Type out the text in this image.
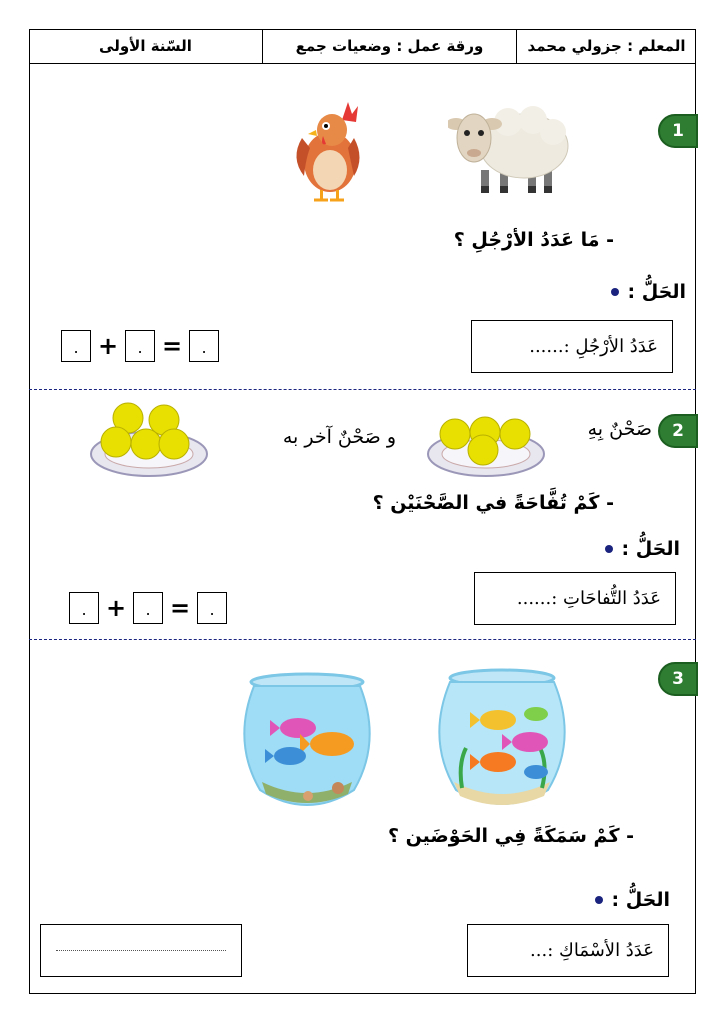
المعلم : جزولي محمد
ورقة عمل : وضعيات جمع
السّنة الأولى
1
- مَا عَدَدُ الأرْجُلِ ؟
الحَلُّ :
عَدَدُ الأرْجُلِ :......
. +	. =	.
2
صَحْنٌ بِهِ
و صَحْنٌ آخر به
- كَمْ تُفَّاحَةً في الصَّحْنَيْن ؟
الحَلُّ :
عَدَدُ التُّفاحَاتِ :......
. +	. =	.
3
- كَمْ سَمَكَةً فِي الحَوْضَين ؟
الحَلُّ :
عَدَدُ الأسْمَاكِ :...
